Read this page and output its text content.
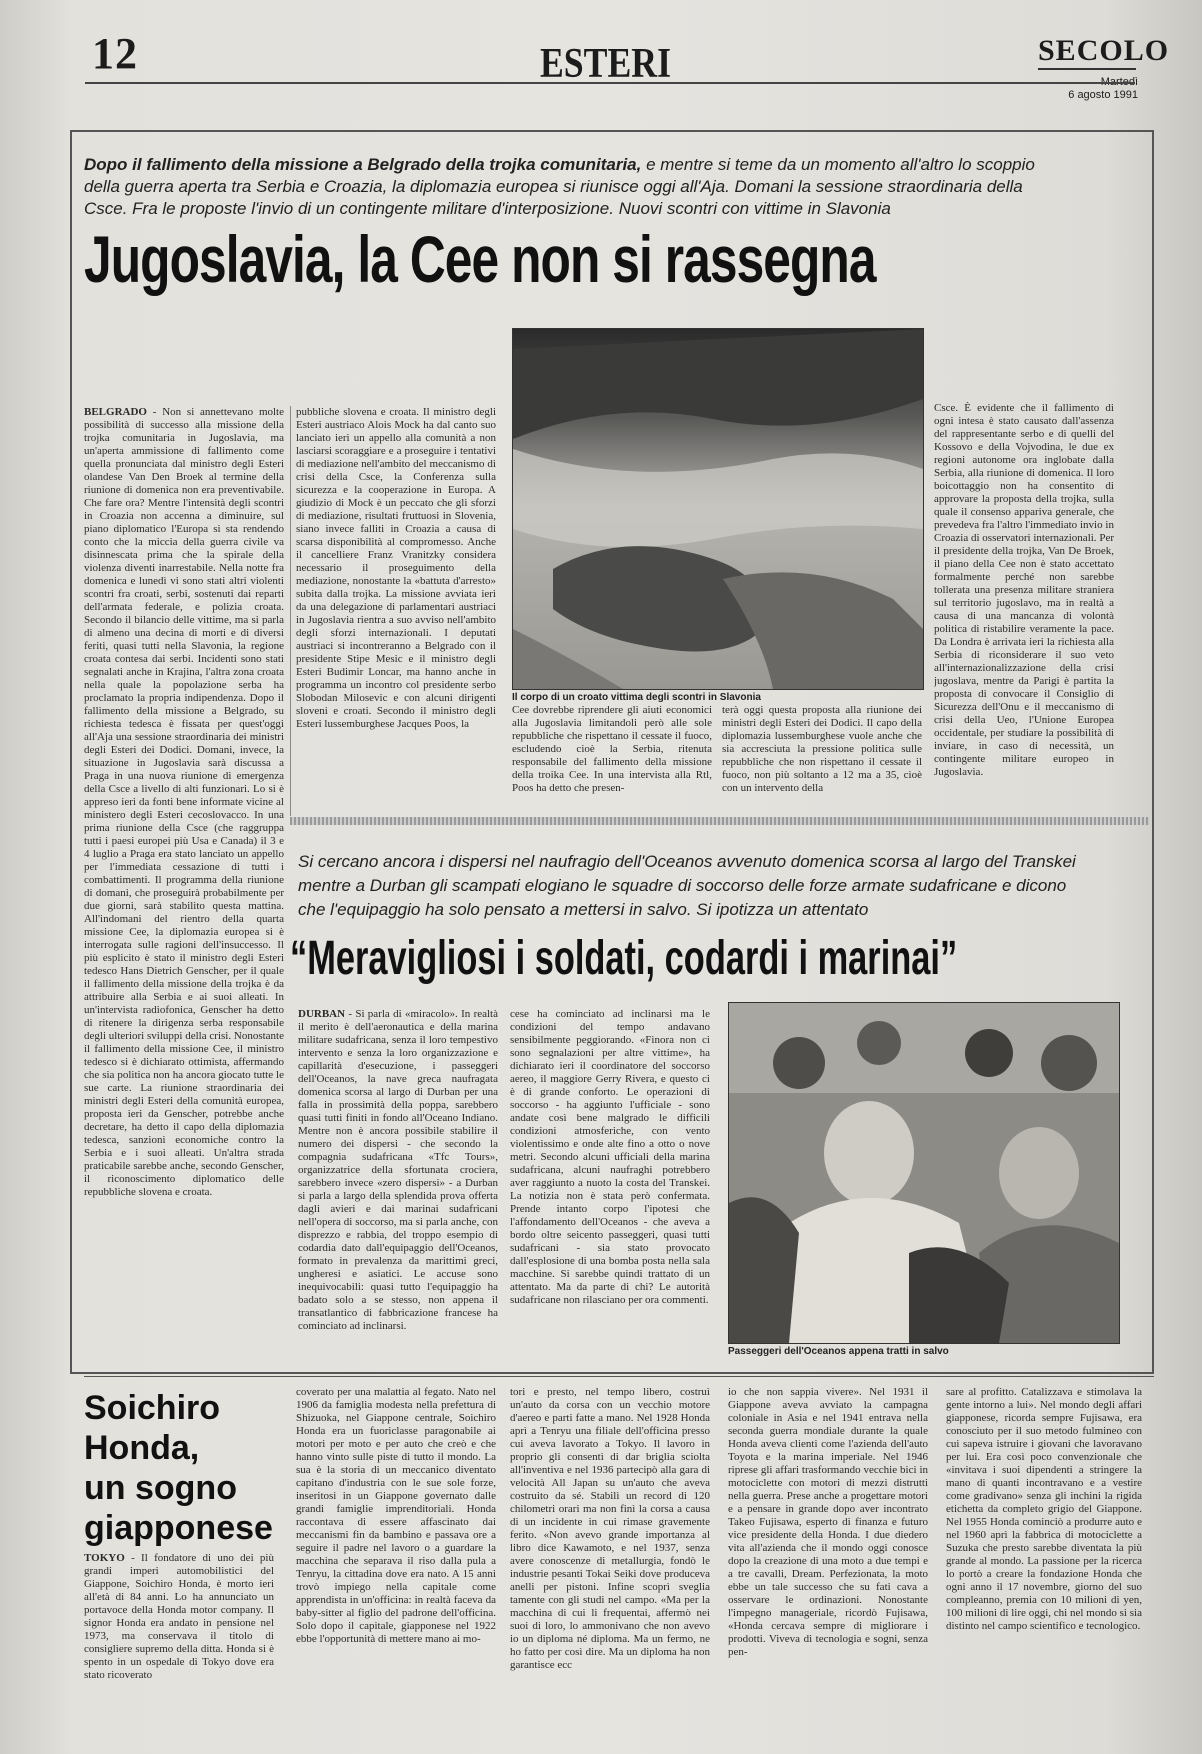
12	ESTERI	SECOLO
Martedì
6 agosto 1991
Dopo il fallimento della missione a Belgrado della trojka comunitaria, e mentre si teme da un momento all'altro lo scoppio della guerra aperta tra Serbia e Croazia, la diplomazia europea si riunisce oggi all'Aja. Domani la sessione straordinaria della Csce. Fra le proposte l'invio di un contingente militare d'interposizione. Nuovi scontri con vittime in Slavonia
Jugoslavia, la Cee non si rassegna
BELGRADO - Non si annettevano molte possibilità di successo alla missione della trojka comunitaria in Jugoslavia, ma un'aperta ammissione di fallimento come quella pronunciata dal ministro degli Esteri olandese Van Den Broek al termine della riunione di domenica non era preventivabile. Che fare ora? Mentre l'intensità degli scontri in Croazia non accenna a diminuire, sul piano diplomatico l'Europa si sta rendendo conto che la miccia della guerra civile va disinnescata prima che la spirale della violenza diventi inarrestabile. Nella notte fra domenica e lunedì vi sono stati altri violenti scontri fra croati, serbi, sostenuti dai reparti dell'armata federale, e polizia croata. Secondo il bilancio delle vittime, ma si parla di almeno una decina di morti e di diversi feriti, quasi tutti nella Slavonia, la regione croata contesa dai serbi. Incidenti sono stati segnalati anche in Krajina, l'altra zona croata nella quale la popolazione serba ha proclamato la propria indipendenza. Dopo il fallimento della missione a Belgrado, su richiesta tedesca è fissata per quest'oggi all'Aja una sessione straordinaria dei ministri degli Esteri dei Dodici. Domani, invece, la situazione in Jugoslavia sarà discussa a Praga in una nuova riunione di emergenza della Csce a livello di alti funzionari. Lo si è appreso ieri da fonti bene informate vicine al ministero degli Esteri cecoslovacco. In una prima riunione della Csce (che raggruppa tutti i paesi europei più Usa e Canada) il 3 e 4 luglio a Praga era stato lanciato un appello per l'immediata cessazione di tutti i combattimenti. Il programma della riunione di domani, che proseguirà probabilmente per due giorni, sarà stabilito questa mattina. All'indomani del rientro della quarta missione Cee, la diplomazia europea si è interrogata sulle ragioni dell'insuccesso. Il più esplicito è stato il ministro degli Esteri tedesco Hans Dietrich Genscher, per il quale il fallimento della missione della trojka è da attribuire alla Serbia e ai suoi alleati. In un'intervista radiofonica, Genscher ha detto di ritenere la dirigenza serba responsabile degli ulteriori sviluppi della crisi. Nonostante il fallimento della missione Cee, il ministro tedesco si è dichiarato ottimista, affermando che sia politica non ha ancora giocato tutte le sue carte. La riunione straordinaria dei ministri degli Esteri della comunità europea, proposta ieri da Genscher, potrebbe anche decretare, ha detto il capo della diplomazia tedesca, sanzioni economiche contro la Serbia e i suoi alleati. Un'altra strada praticabile sarebbe anche, secondo Genscher, il riconoscimento diplomatico delle repubbliche slovena e croata.
pubbliche slovena e croata. Il ministro degli Esteri austriaco Alois Mock ha dal canto suo lanciato ieri un appello alla comunità a non lasciarsi scoraggiare e a proseguire i tentativi di mediazione nell'ambito del meccanismo di crisi della Csce, la Conferenza sulla sicurezza e la cooperazione in Europa. A giudizio di Mock è un peccato che gli sforzi di mediazione, risultati fruttuosi in Slovenia, siano invece falliti in Croazia a causa di scarsa disponibilità al compromesso. Anche il cancelliere Franz Vranitzky considera necessario il proseguimento della mediazione, nonostante la «battuta d'arresto» subita dalla trojka. La missione avviata ieri da una delegazione di parlamentari austriaci in Jugoslavia rientra a suo avviso nell'ambito degli sforzi internazionali. I deputati austriaci si incontreranno a Belgrado con il presidente Stipe Mesic e il ministro degli Esteri Budimir Loncar, ma hanno anche in programma un incontro col presidente serbo Slobodan Milosevic e con alcuni dirigenti sloveni e croati. Secondo il ministro degli Esteri lussemburghese Jacques Poos, la
Il corpo di un croato vittima degli scontri in Slavonia
Cee dovrebbe riprendere gli aiuti economici alla Jugoslavia limitandoli però alle sole repubbliche che rispettano il cessate il fuoco, escludendo cioè la Serbia, ritenuta responsabile del fallimento della missione della troika Cee. In una intervista alla Rtl, Poos ha detto che presen-
terà oggi questa proposta alla riunione dei ministri degli Esteri dei Dodici. Il capo della diplomazia lussemburghese vuole anche che sia accresciuta la pressione politica sulle repubbliche che non rispettano il cessate il fuoco, non più soltanto a 12 ma a 35, cioè con un intervento della
Csce. È evidente che il fallimento di ogni intesa è stato causato dall'assenza del rappresentante serbo e di quelli del Kossovo e della Vojvodina, le due ex regioni autonome ora inglobate dalla Serbia, alla riunione di domenica. Il loro boicottaggio non ha consentito di approvare la proposta della trojka, sulla quale il consenso appariva generale, che prevedeva fra l'altro l'immediato invio in Croazia di osservatori internazionali. Per il presidente della trojka, Van De Broek, il piano della Cee non è stato accettato formalmente perché non sarebbe tollerata una presenza militare straniera sul territorio jugoslavo, ma in realtà a causa di una mancanza di volontà politica di ristabilire veramente la pace. Da Londra è arrivata ieri la richiesta alla Serbia di riconsiderare il suo veto all'internazionalizzazione della crisi jugoslava, mentre da Parigi è partita la proposta di convocare il Consiglio di Sicurezza dell'Onu e il meccanismo di crisi della Ueo, l'Unione Europea occidentale, per studiare la possibilità di inviare, in caso di necessità, un contingente militare europeo in Jugoslavia.
Si cercano ancora i dispersi nel naufragio dell'Oceanos avvenuto domenica scorsa al largo del Transkei mentre a Durban gli scampati elogiano le squadre di soccorso delle forze armate sudafricane e dicono che l'equipaggio ha solo pensato a mettersi in salvo. Si ipotizza un attentato
“Meravigliosi i soldati, codardi i marinai”
DURBAN - Si parla di «miracolo». In realtà il merito è dell'aeronautica e della marina militare sudafricana, senza il loro tempestivo intervento e senza la loro organizzazione e capillarità d'esecuzione, i passeggeri dell'Oceanos, la nave greca naufragata domenica scorsa al largo di Durban per una falla in prossimità della poppa, sarebbero quasi tutti finiti in fondo all'Oceano Indiano. Mentre non è ancora possibile stabilire il numero dei dispersi - che secondo la compagnia sudafricana «Tfc Tours», organizzatrice della sfortunata crociera, sarebbero invece «zero dispersi» - a Durban si parla a largo della splendida prova offerta dagli avieri e dai marinai sudafricani nell'opera di soccorso, ma si parla anche, con disprezzo e rabbia, del troppo esempio di codardia dato dall'equipaggio dell'Oceanos, formato in prevalenza da marittimi greci, ungheresi e asiatici. Le accuse sono inequivocabili: quasi tutto l'equipaggio ha badato solo a se stesso, non appena il transatlantico di fabbricazione francese ha cominciato ad inclinarsi.
cese ha cominciato ad inclinarsi ma le condizioni del tempo andavano sensibilmente peggiorando. «Finora non ci sono segnalazioni per altre vittime», ha dichiarato ieri il coordinatore del soccorso aereo, il maggiore Gerry Rivera, e questo ci è di grande conforto. Le operazioni di soccorso - ha aggiunto l'ufficiale - sono andate così bene malgrado le difficili condizioni atmosferiche, con vento violentissimo e onde alte fino a otto o nove metri. Secondo alcuni ufficiali della marina sudafricana, alcuni naufraghi potrebbero aver raggiunto a nuoto la costa del Transkei. La notizia non è stata però confermata. Prende intanto corpo l'ipotesi che l'affondamento dell'Oceanos - che aveva a bordo oltre seicento passeggeri, quasi tutti sudafricani - sia stato provocato dall'esplosione di una bomba posta nella sala macchine. Si sarebbe quindi trattato di un attentato. Ma da parte di chi? Le autorità sudafricane non rilasciano per ora commenti.
Passeggeri dell'Oceanos appena tratti in salvo
Soichiro
Honda,
un sogno
giapponese
TOKYO - Il fondatore di uno dei più grandi imperi automobilistici del Giappone, Soichiro Honda, è morto ieri all'età di 84 anni. Lo ha annunciato un portavoce della Honda motor company. Il signor Honda era andato in pensione nel 1973, ma conservava il titolo di consigliere supremo della ditta. Honda si è spento in un ospedale di Tokyo dove era stato ricoverato
coverato per una malattia al fegato. Nato nel 1906 da famiglia modesta nella prefettura di Shizuoka, nel Giappone centrale, Soichiro Honda era un fuoriclasse paragonabile ai motori per moto e per auto che creò e che hanno vinto sulle piste di tutto il mondo. La sua è la storia di un meccanico diventato capitano d'industria con le sue sole forze, inseritosi in un Giappone governato dalle grandi famiglie imprenditoriali. Honda raccontava di essere affascinato dai meccanismi fin da bambino e passava ore a seguire il padre nel lavoro o a guardare la macchina che separava il riso dalla pula a Tenryu, la cittadina dove era nato. A 15 anni trovò impiego nella capitale come apprendista in un'officina: in realtà faceva da baby-sitter al figlio del padrone dell'officina. Solo dopo il capitale, giapponese nel 1922 ebbe l'opportunità di mettere mano ai mo-
tori e presto, nel tempo libero, costruì un'auto da corsa con un vecchio motore d'aereo e parti fatte a mano. Nel 1928 Honda aprì a Tenryu una filiale dell'officina presso cui aveva lavorato a Tokyo. Il lavoro in proprio gli consentì di dar briglia sciolta all'inventiva e nel 1936 partecipò alla gara di velocità All Japan su un'auto che aveva costruito da sé. Stabilì un record di 120 chilometri orari ma non finì la corsa a causa di un incidente in cui rimase gravemente ferito. «Non avevo grande importanza al libro dice Kawamoto, e nel 1937, senza avere conoscenze di metallurgia, fondò le industrie pesanti Tokai Seiki dove produceva anelli per pistoni. Infine scoprì sveglia tamente con gli studi nel campo. «Ma per la macchina di cui li frequentai, affermò nei suoi di loro, lo ammonivano che non avevo io un diploma né diploma. Ma un fermo, ne ho fatto per così dire. Ma un diploma ha non garantisce ecc
io che non sappia vivere». Nel 1931 il Giappone aveva avviato la campagna coloniale in Asia e nel 1941 entrava nella seconda guerra mondiale durante la quale Honda aveva clienti come l'azienda dell'auto Toyota e la marina imperiale. Nel 1946 riprese gli affari trasformando vecchie bici in motociclette con motori di mezzi distrutti nella guerra. Prese anche a progettare motori e a pensare in grande dopo aver incontrato Takeo Fujisawa, esperto di finanza e futuro vice presidente della Honda. I due diedero vita all'azienda che il mondo oggi conosce dopo la creazione di una moto a due tempi e a tre cavalli, Dream. Perfezionata, la moto ebbe un tale successo che su fati cava a osservare le ordinazioni. Nonostante l'impegno manageriale, ricordò Fujisawa, «Honda cercava sempre di migliorare i prodotti. Viveva di tecnologia e sogni, senza pen-
sare al profitto. Catalizzava e stimolava la gente intorno a lui». Nel mondo degli affari giapponese, ricorda sempre Fujisawa, era conosciuto per il suo metodo fulmineo con cui sapeva istruire i giovani che lavoravano per lui. Era così poco convenzionale che «invitava i suoi dipendenti a stringere la mano di quanti incontravano e a vestire come gradivano» senza gli inchini la rigida etichetta da completo grigio del Giappone. Nel 1955 Honda cominciò a produrre auto e nel 1960 aprì la fabbrica di motociclette a Suzuka che presto sarebbe diventata la più grande al mondo. La passione per la ricerca lo portò a creare la fondazione Honda che ogni anno il 17 novembre, giorno del suo compleanno, premia con 10 milioni di yen, 100 milioni di lire oggi, chi nel mondo si sia distinto nel campo scientifico e tecnologico.
